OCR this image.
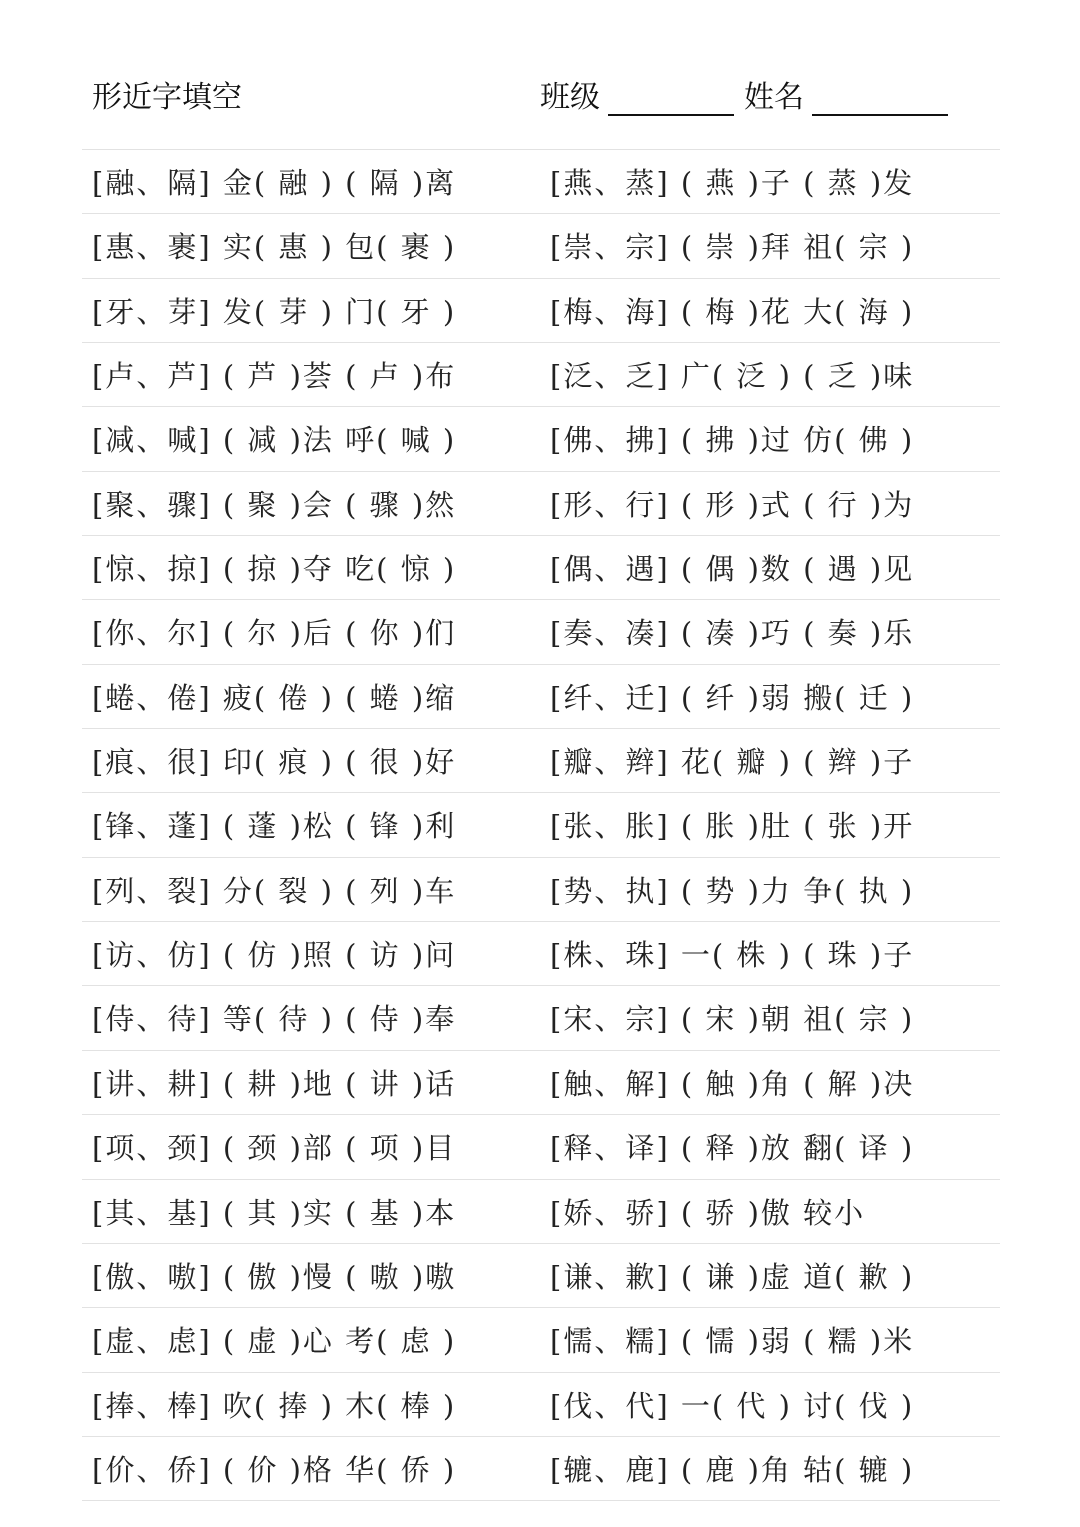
形近字填空	班级	姓名
[融、隔] 金( 融 ) ( 隔 )离	[燕、蒸] ( 燕 )子 ( 蒸 )发
[惠、裹] 实( 惠 ) 包( 裹 )	[崇、宗] ( 崇 )拜 祖( 宗 )
[牙、芽] 发( 芽 ) 门( 牙 )	[梅、海] ( 梅 )花 大( 海 )
[卢、芦] ( 芦 )荟 ( 卢 )布	[泛、乏] 广( 泛 ) ( 乏 )味
[减、喊] ( 减 )法 呼( 喊 )	[佛、拂] ( 拂 )过 仿( 佛 )
[聚、骤] ( 聚 )会 ( 骤 )然	[形、行] ( 形 )式 ( 行 )为
[惊、掠] ( 掠 )夺 吃( 惊 )	[偶、遇] ( 偶 )数 ( 遇 )见
[你、尔] ( 尔 )后 ( 你 )们	[奏、凑] ( 凑 )巧 ( 奏 )乐
[蜷、倦] 疲( 倦 ) ( 蜷 )缩	[纤、迁] ( 纤 )弱 搬( 迁 )
[痕、很] 印( 痕 ) ( 很 )好	[瓣、辫] 花( 瓣 ) ( 辫 )子
[锋、蓬] ( 蓬 )松 ( 锋 )利	[张、胀] ( 胀 )肚 ( 张 )开
[列、裂] 分( 裂 ) ( 列 )车	[势、执] ( 势 )力 争( 执 )
[访、仿] ( 仿 )照 ( 访 )问	[株、珠] 一( 株 ) ( 珠 )子
[侍、待] 等( 待 ) ( 侍 )奉	[宋、宗] ( 宋 )朝 祖( 宗 )
[讲、耕] ( 耕 )地 ( 讲 )话	[触、解] ( 触 )角 ( 解 )决
[项、颈] ( 颈 )部 ( 项 )目	[释、译] ( 释 )放 翻( 译 )
[其、基] ( 其 )实 ( 基 )本	[娇、骄] ( 骄 )傲 较小
[傲、嗷] ( 傲 )慢 ( 嗷 )嗷	[谦、歉] ( 谦 )虚 道( 歉 )
[虚、虑] ( 虚 )心 考( 虑 )	[懦、糯] ( 懦 )弱 ( 糯 )米
[捧、棒] 吹( 捧 ) 木( 棒 )	[伐、代] 一( 代 ) 讨( 伐 )
[价、侨] ( 价 )格 华( 侨 )	[辘、鹿] ( 鹿 )角 轱( 辘 )
